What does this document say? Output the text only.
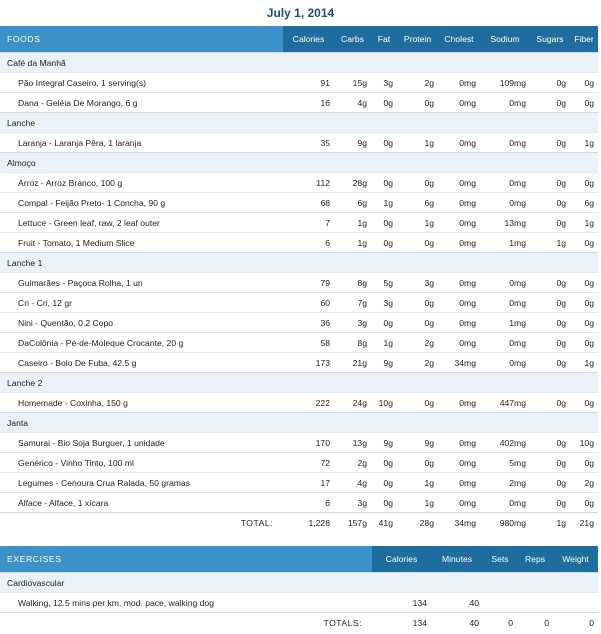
July 1, 2014
FOODS	Calories	Carbs	Fat	Protein	Cholest	Sodium	Sugars	Fiber
Café da Manhã								
Pão Integral Caseiro, 1 serving(s)	91	15g	3g	2g	0mg	109mg	0g	0g
Dana - Geléia De Morango, 6 g	16	4g	0g	0g	0mg	0mg	0g	0g
Lanche								
Laranja - Laranja Pêra, 1 laranja	35	9g	0g	1g	0mg	0mg	0g	1g
Almoço								
Arroz - Arroz Branco, 100 g	112	28g	0g	0g	0mg	0mg	0g	0g
Compal - Feijão Preto- 1 Concha, 90 g	68	6g	1g	6g	0mg	0mg	0g	6g
Lettuce - Green leaf, raw, 2 leaf outer	7	1g	0g	1g	0mg	13mg	0g	1g
Fruit - Tomato, 1 Medium Slice	6	1g	0g	0g	0mg	1mg	1g	0g
Lanche 1								
Guimarães - Paçoca Rolha, 1 un	79	8g	5g	3g	0mg	0mg	0g	0g
Cri - Cri, 12 gr	60	7g	3g	0g	0mg	0mg	0g	0g
Nini - Quentão, 0.2 Copo	36	3g	0g	0g	0mg	1mg	0g	0g
DaColônia - Pé-de-Moleque Crocante, 20 g	58	8g	1g	2g	0mg	0mg	0g	0g
Caseiro - Bolo De Fuba, 42.5 g	173	21g	9g	2g	34mg	0mg	0g	1g
Lanche 2								
Homemade - Coxinha, 150 g	222	24g	10g	0g	0mg	447mg	0g	0g
Janta								
Samurai - Bio Soja Burguer, 1 unidade	170	13g	9g	9g	0mg	402mg	0g	10g
Genérico - Vinho Tinto, 100 ml	72	2g	0g	0g	0mg	5mg	0g	0g
Legumes - Cenoura Crua Ralada, 50 gramas	17	4g	0g	1g	0mg	2mg	0g	2g
Alface - Alface, 1 xícara	6	3g	0g	1g	0mg	0mg	0g	0g
TOTAL:	1,228	157g	41g	28g	34mg	980mg	1g	21g
EXERCISES	Calories	Minutes	Sets	Reps	Weight
Cardiovascular					
Walking, 12.5 mins per km, mod. pace, walking dog	134	40			
TOTALS:	134	40	0	0	0
